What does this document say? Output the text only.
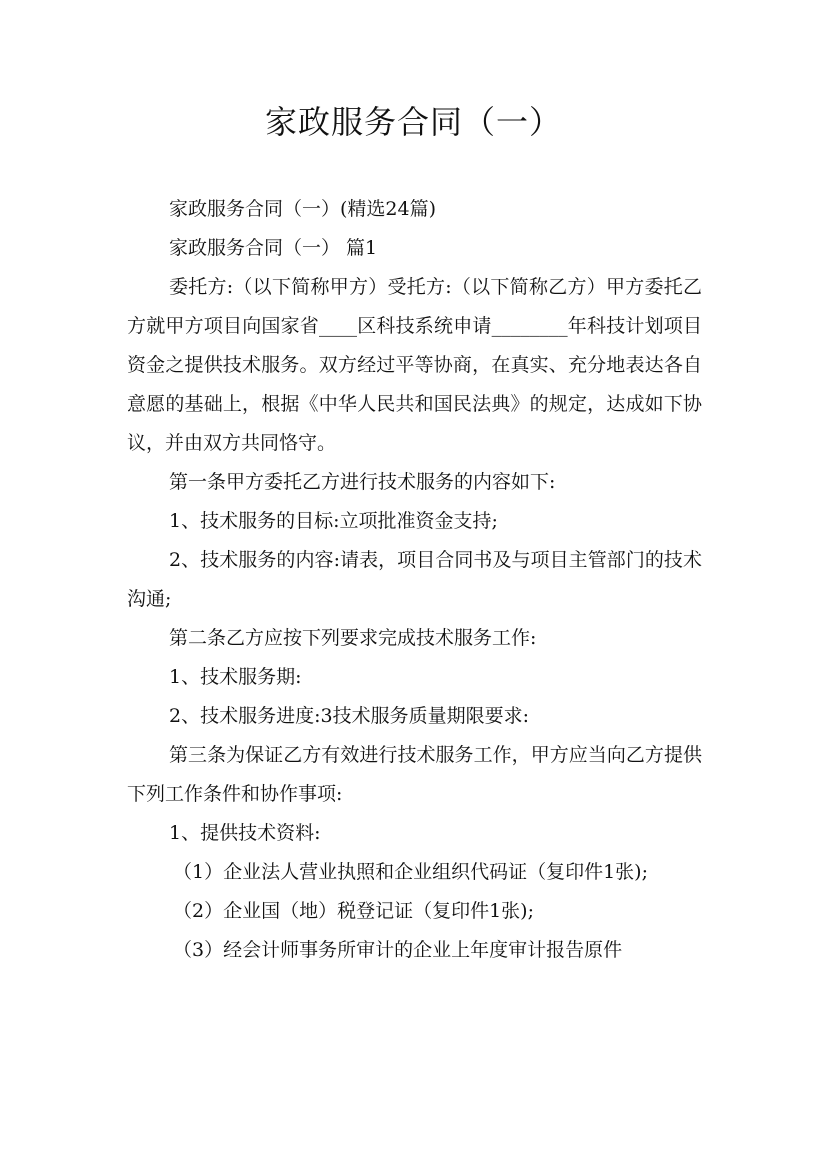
家政服务合同（一）

家政服务合同（一）(精选24篇)

家政服务合同（一） 篇1

委托方:（以下简称甲方）受托方:（以下简称乙方）甲方委托乙方就甲方项目向国家省____区科技系统申请________年科技计划项目资金之提供技术服务。双方经过平等协商，在真实、充分地表达各自意愿的基础上，根据《中华人民共和国民法典》的规定，达成如下协议，并由双方共同恪守。

第一条甲方委托乙方进行技术服务的内容如下:

1、技术服务的目标:立项批准资金支持;

2、技术服务的内容:请表，项目合同书及与项目主管部门的技术沟通;

第二条乙方应按下列要求完成技术服务工作:

1、技术服务期:

2、技术服务进度:3技术服务质量期限要求:

第三条为保证乙方有效进行技术服务工作，甲方应当向乙方提供下列工作条件和协作事项:

1、提供技术资料:

（1）企业法人营业执照和企业组织代码证（复印件1张);

（2）企业国（地）税登记证（复印件1张);

（3）经会计师事务所审计的企业上年度审计报告原件
